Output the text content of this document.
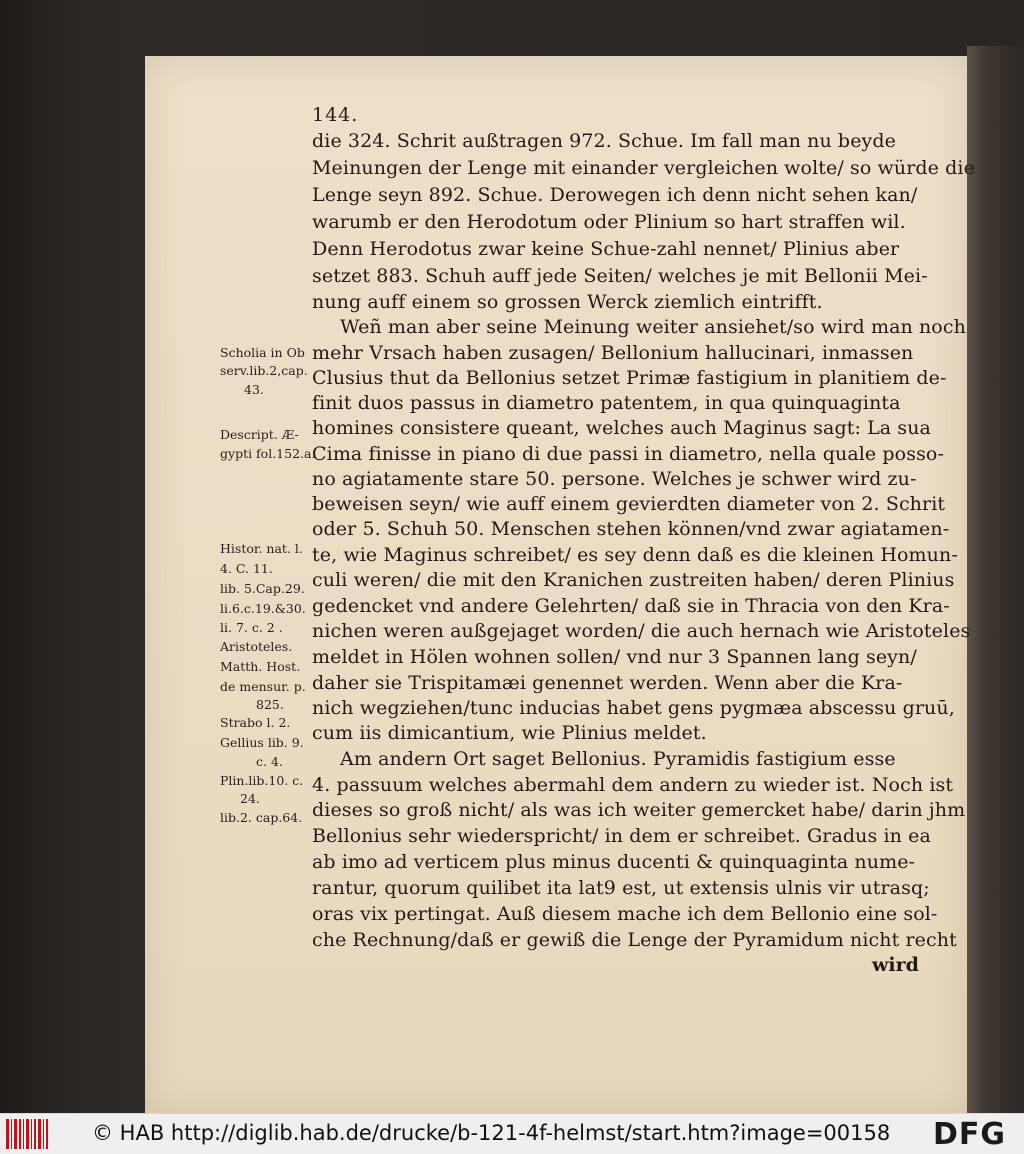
144.
die 324. Schrit außtragen 972. Schue. Im fall man nu beyde
Meinungen der Lenge mit einander vergleichen wolte/ so würde die
Lenge seyn 892. Schue. Derowegen ich denn nicht sehen kan/
warumb er den Herodotum oder Plinium so hart straffen wil.
Denn Herodotus zwar keine Schue-zahl nennet/ Plinius aber
setzet 883. Schuh auff jede Seiten/ welches je mit Bellonii Mei-
nung auff einem so grossen Werck ziemlich eintrifft.
Weñ man aber seine Meinung weiter ansiehet/so wird man noch
mehr Vrsach haben zusagen/ Bellonium hallucinari, inmassen
Clusius thut da Bellonius setzet Primæ fastigium in planitiem de-
finit duos passus in diametro patentem, in qua quinquaginta
homines consistere queant, welches auch Maginus sagt: La sua
Cima finisse in piano di due passi in diametro, nella quale posso-
no agiatamente stare 50. persone. Welches je schwer wird zu-
beweisen seyn/ wie auff einem gevierdten diameter von 2. Schrit
oder 5. Schuh 50. Menschen stehen können/vnd zwar agiatamen-
te, wie Maginus schreibet/ es sey denn daß es die kleinen Homun-
culi weren/ die mit den Kranichen zustreiten haben/ deren Plinius
gedencket vnd andere Gelehrten/ daß sie in Thracia von den Kra-
nichen weren außgejaget worden/ die auch hernach wie Aristoteles
meldet in Hölen wohnen sollen/ vnd nur 3 Spannen lang seyn/
daher sie Trispitamæi genennet werden. Wenn aber die Kra-
nich wegziehen/tunc inducias habet gens pygmæa abscessu gruū,
cum iis dimicantium, wie Plinius meldet.
Am andern Ort saget Bellonius. Pyramidis fastigium esse
4. passuum welches abermahl dem andern zu wieder ist. Noch ist
dieses so groß nicht/ als was ich weiter gemercket habe/ darin jhm
Bellonius sehr wiederspricht/ in dem er schreibet. Gradus in ea
ab imo ad verticem plus minus ducenti & quinquaginta nume-
rantur, quorum quilibet ita lat9 est, ut extensis ulnis vir utrasq;
oras vix pertingat. Auß diesem mache ich dem Bellonio eine sol-
che Rechnung/daß er gewiß die Lenge der Pyramidum nicht recht
wird
Scholia in Ob
serv.lib.2,cap.
43.
Descript. Æ-
gypti fol.152.a.
Histor. nat. l.
4. C. 11.
lib. 5.Cap.29.
li.6.c.19.&30.
li. 7. c. 2 .
Aristoteles.
Matth. Host.
de mensur. p.
825.
Strabo l. 2.
Gellius lib. 9.
c. 4.
Plin.lib.10. c.
24.
lib.2. cap.64.
© HAB http://diglib.hab.de/drucke/b-121-4f-helmst/start.htm?image=00158 DFG
